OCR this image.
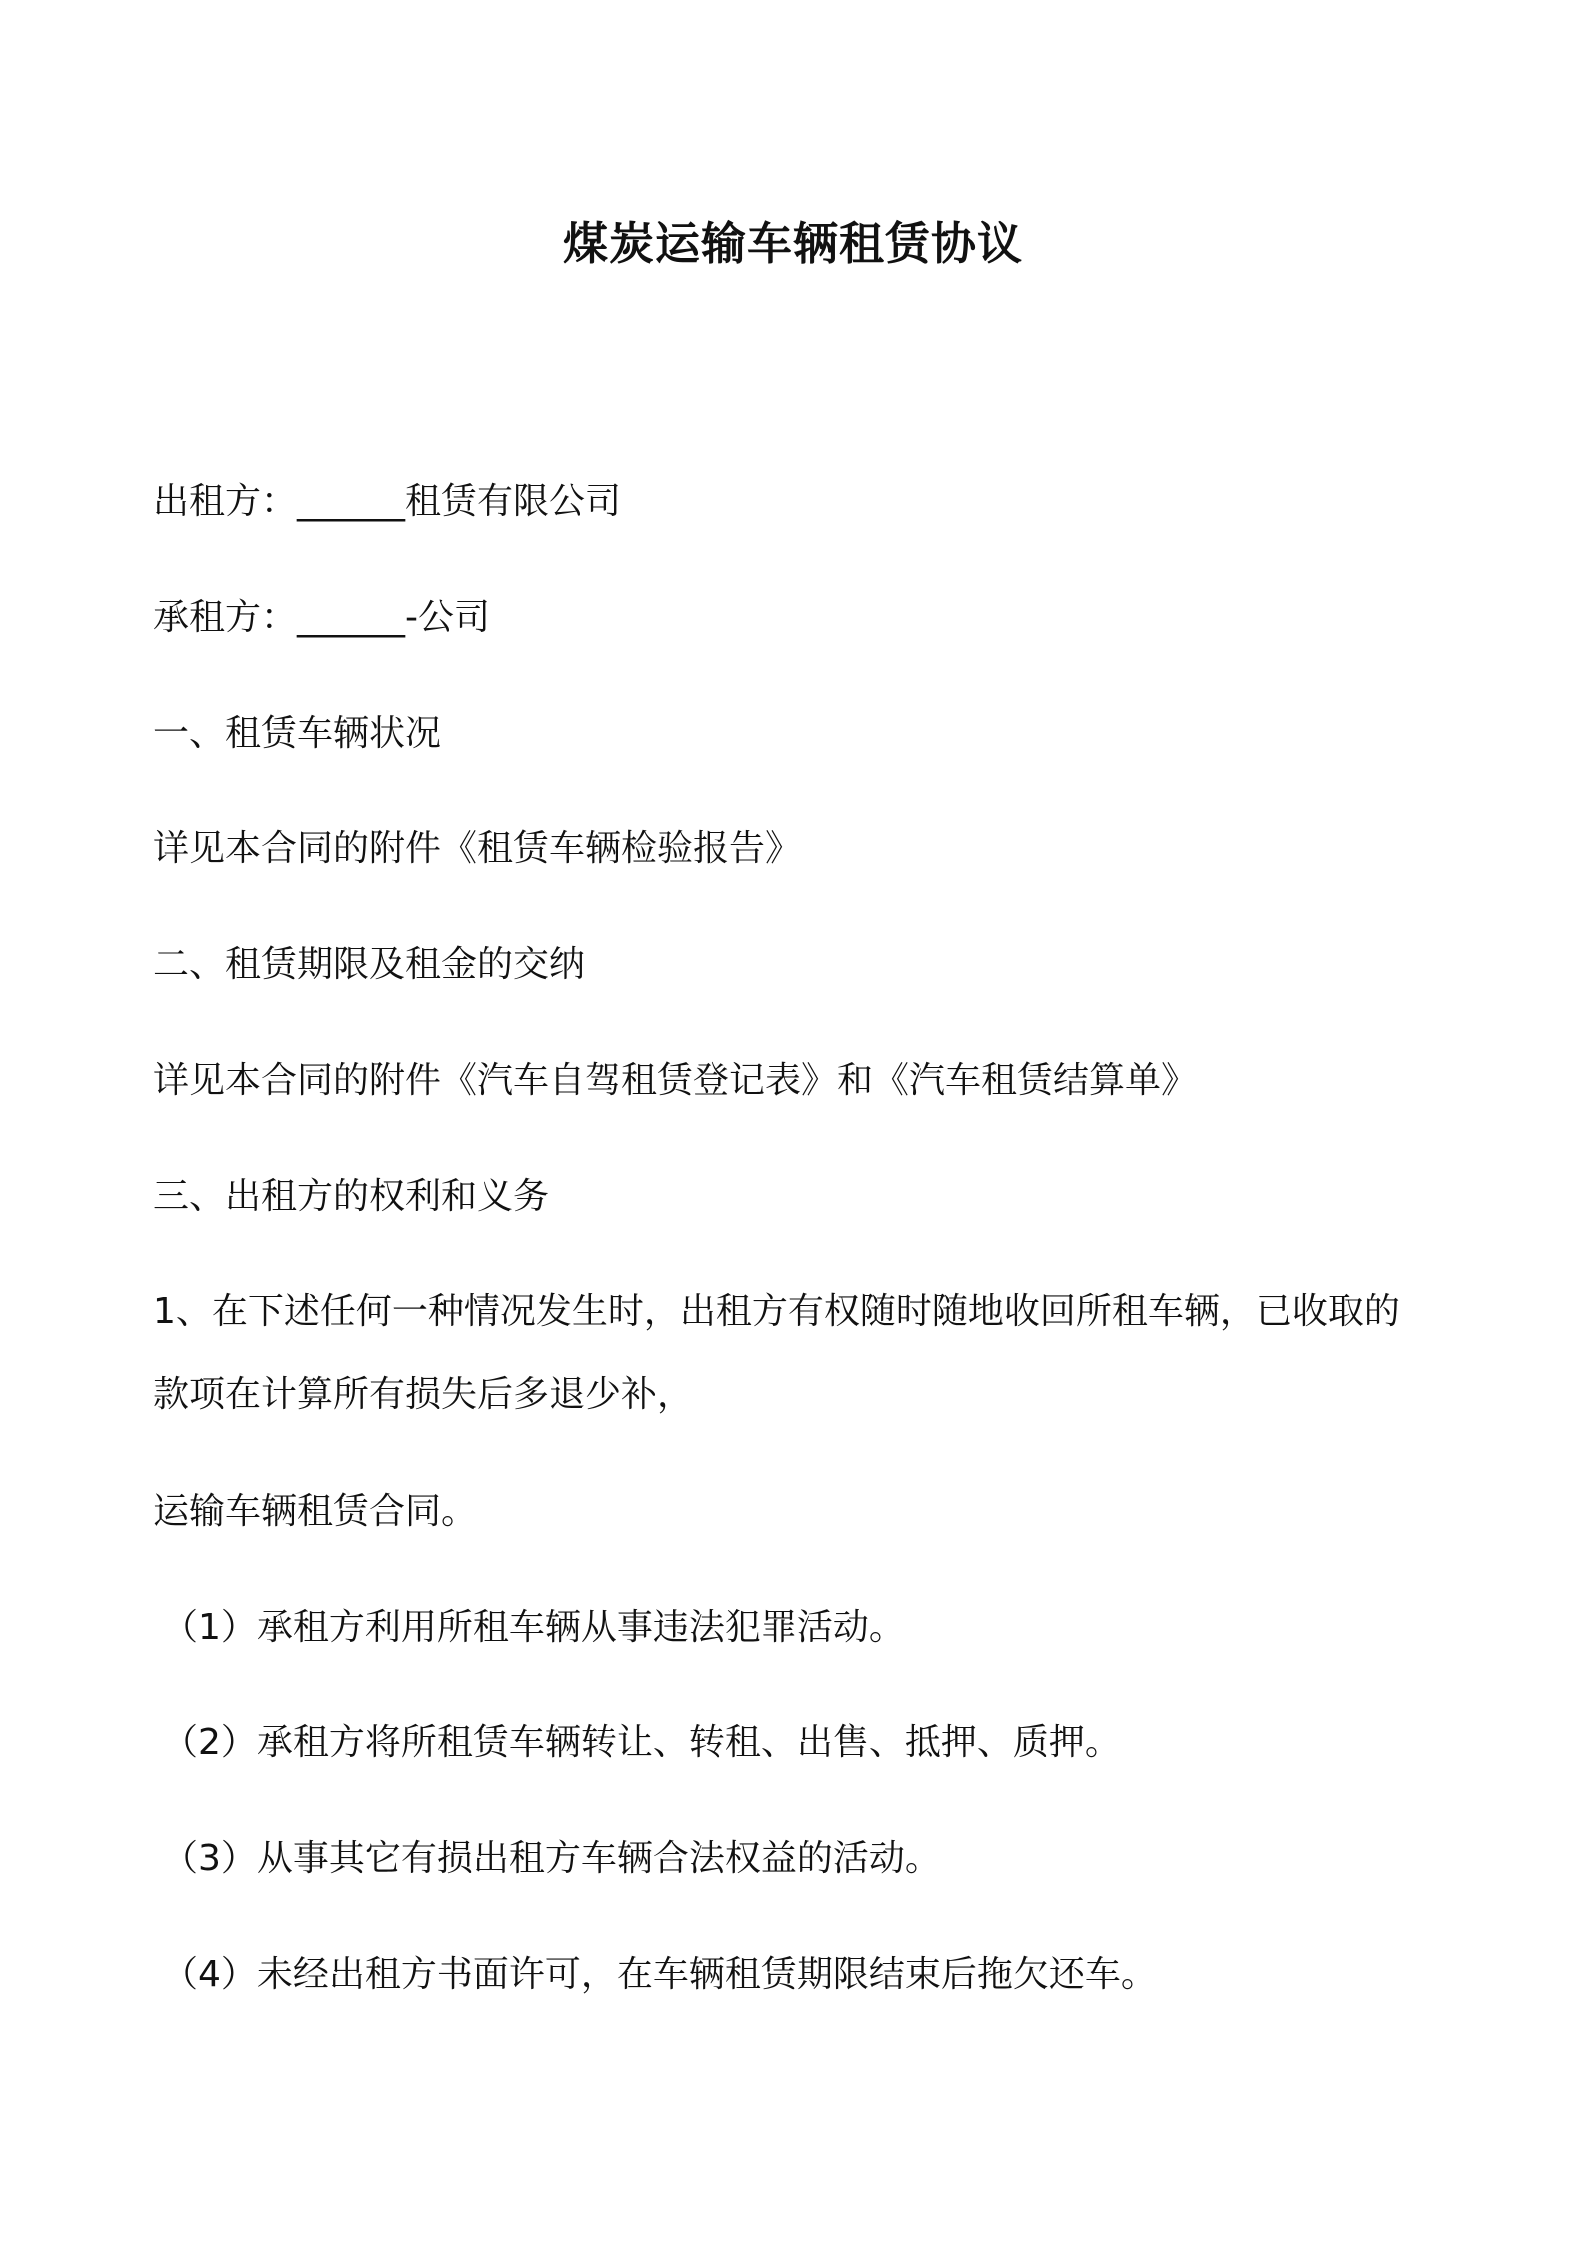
煤炭运输车辆租赁协议

出租方：______租赁有限公司

承租方：______-公司

一、租赁车辆状况

详见本合同的附件《租赁车辆检验报告》

二、租赁期限及租金的交纳

详见本合同的附件《汽车自驾租赁登记表》和《汽车租赁结算单》

三、出租方的权利和义务

1、在下述任何一种情况发生时，出租方有权随时随地收回所租车辆，已收取的

款项在计算所有损失后多退少补，

运输车辆租赁合同。

（1）承租方利用所租车辆从事违法犯罪活动。

（2）承租方将所租赁车辆转让、转租、出售、抵押、质押。

（3）从事其它有损出租方车辆合法权益的活动。

（4）未经出租方书面许可，在车辆租赁期限结束后拖欠还车。
